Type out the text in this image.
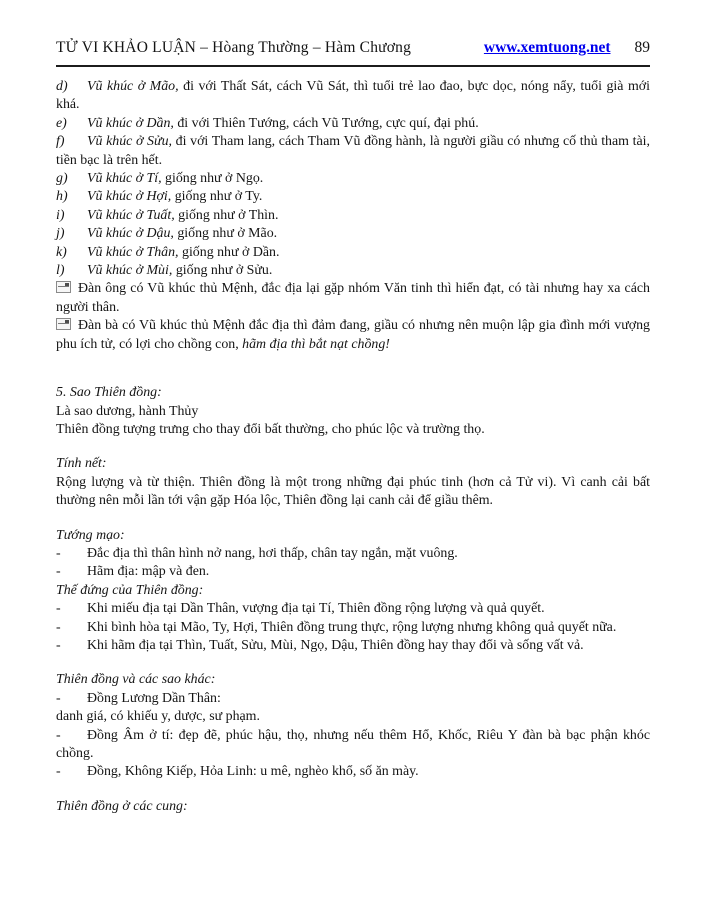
TỬ VI KHẢO LUẬN – Hòang Thường – Hàm Chương	www.xemtuong.net 89

d) Vũ khúc ở Mão, đi với Thất Sát, cách Vũ Sát, thì tuổi trẻ lao đao, bực dọc, nóng nẩy, tuổi già mới khá.

e) Vũ khúc ở Dần, đi với Thiên Tướng, cách Vũ Tướng, cực quí, đại phú.

f) Vũ khúc ở Sửu, đi với Tham lang, cách Tham Vũ đồng hành, là người giầu có nhưng cố thủ tham tài, tiền bạc là trên hết.

g) Vũ khúc ở Tí, giống như ở Ngọ.

h) Vũ khúc ở Hợi, giống như ở Ty.

i) Vũ khúc ở Tuất, giống như ở Thìn.

j) Vũ khúc ở Dậu, giống như ở Mão.

k) Vũ khúc ở Thân, giống như ở Dần.

l) Vũ khúc ở Mùi, giống như ở Sửu.

Đàn ông có Vũ khúc thủ Mệnh, đắc địa lại gặp nhóm Văn tinh thì hiển đạt, có tài nhưng hay xa cách người thân.

Đàn bà có Vũ khúc thủ Mệnh đắc địa thì đảm đang, giầu có nhưng nên muộn lập gia đình mới vượng phu ích tử, có lợi cho chồng con, hãm địa thì bắt nạt chồng!

5. Sao Thiên đồng:

Là sao dương, hành Thủy

Thiên đồng tượng trưng cho thay đổi bất thường, cho phúc lộc và trường thọ.

Tính nết:

Rộng lượng và từ thiện. Thiên đồng là một trong những đại phúc tinh (hơn cả Tử vi). Vì canh cải bất thường nên mỗi lần tới vận gặp Hóa lộc, Thiên đồng lại canh cải để giầu thêm.

Tướng mạo:

- Đắc địa thì thân hình nở nang, hơi thấp, chân tay ngắn, mặt vuông.

- Hãm địa: mập và đen.

Thế đứng của Thiên đồng:

- Khi miếu địa tại Dần Thân, vượng địa tại Tí, Thiên đồng rộng lượng và quả quyết.

- Khi bình hòa tại Mão, Ty, Hợi, Thiên đồng trung thực, rộng lượng nhưng không quả quyết nữa.

- Khi hãm địa tại Thìn, Tuất, Sửu, Mùi, Ngọ, Dậu, Thiên đồng hay thay đổi và sống vất vả.

Thiên đồng và các sao khác:

- Đồng Lương Dần Thân:

danh giá, có khiếu y, dược, sư phạm.

- Đồng Âm ở tí: đẹp đẽ, phúc hậu, thọ, nhưng nếu thêm Hổ, Khốc, Riêu Y đàn bà bạc phận khóc chồng.

- Đồng, Không Kiếp, Hỏa Linh: u mê, nghèo khổ, số ăn mày.

Thiên đồng ở các cung:
